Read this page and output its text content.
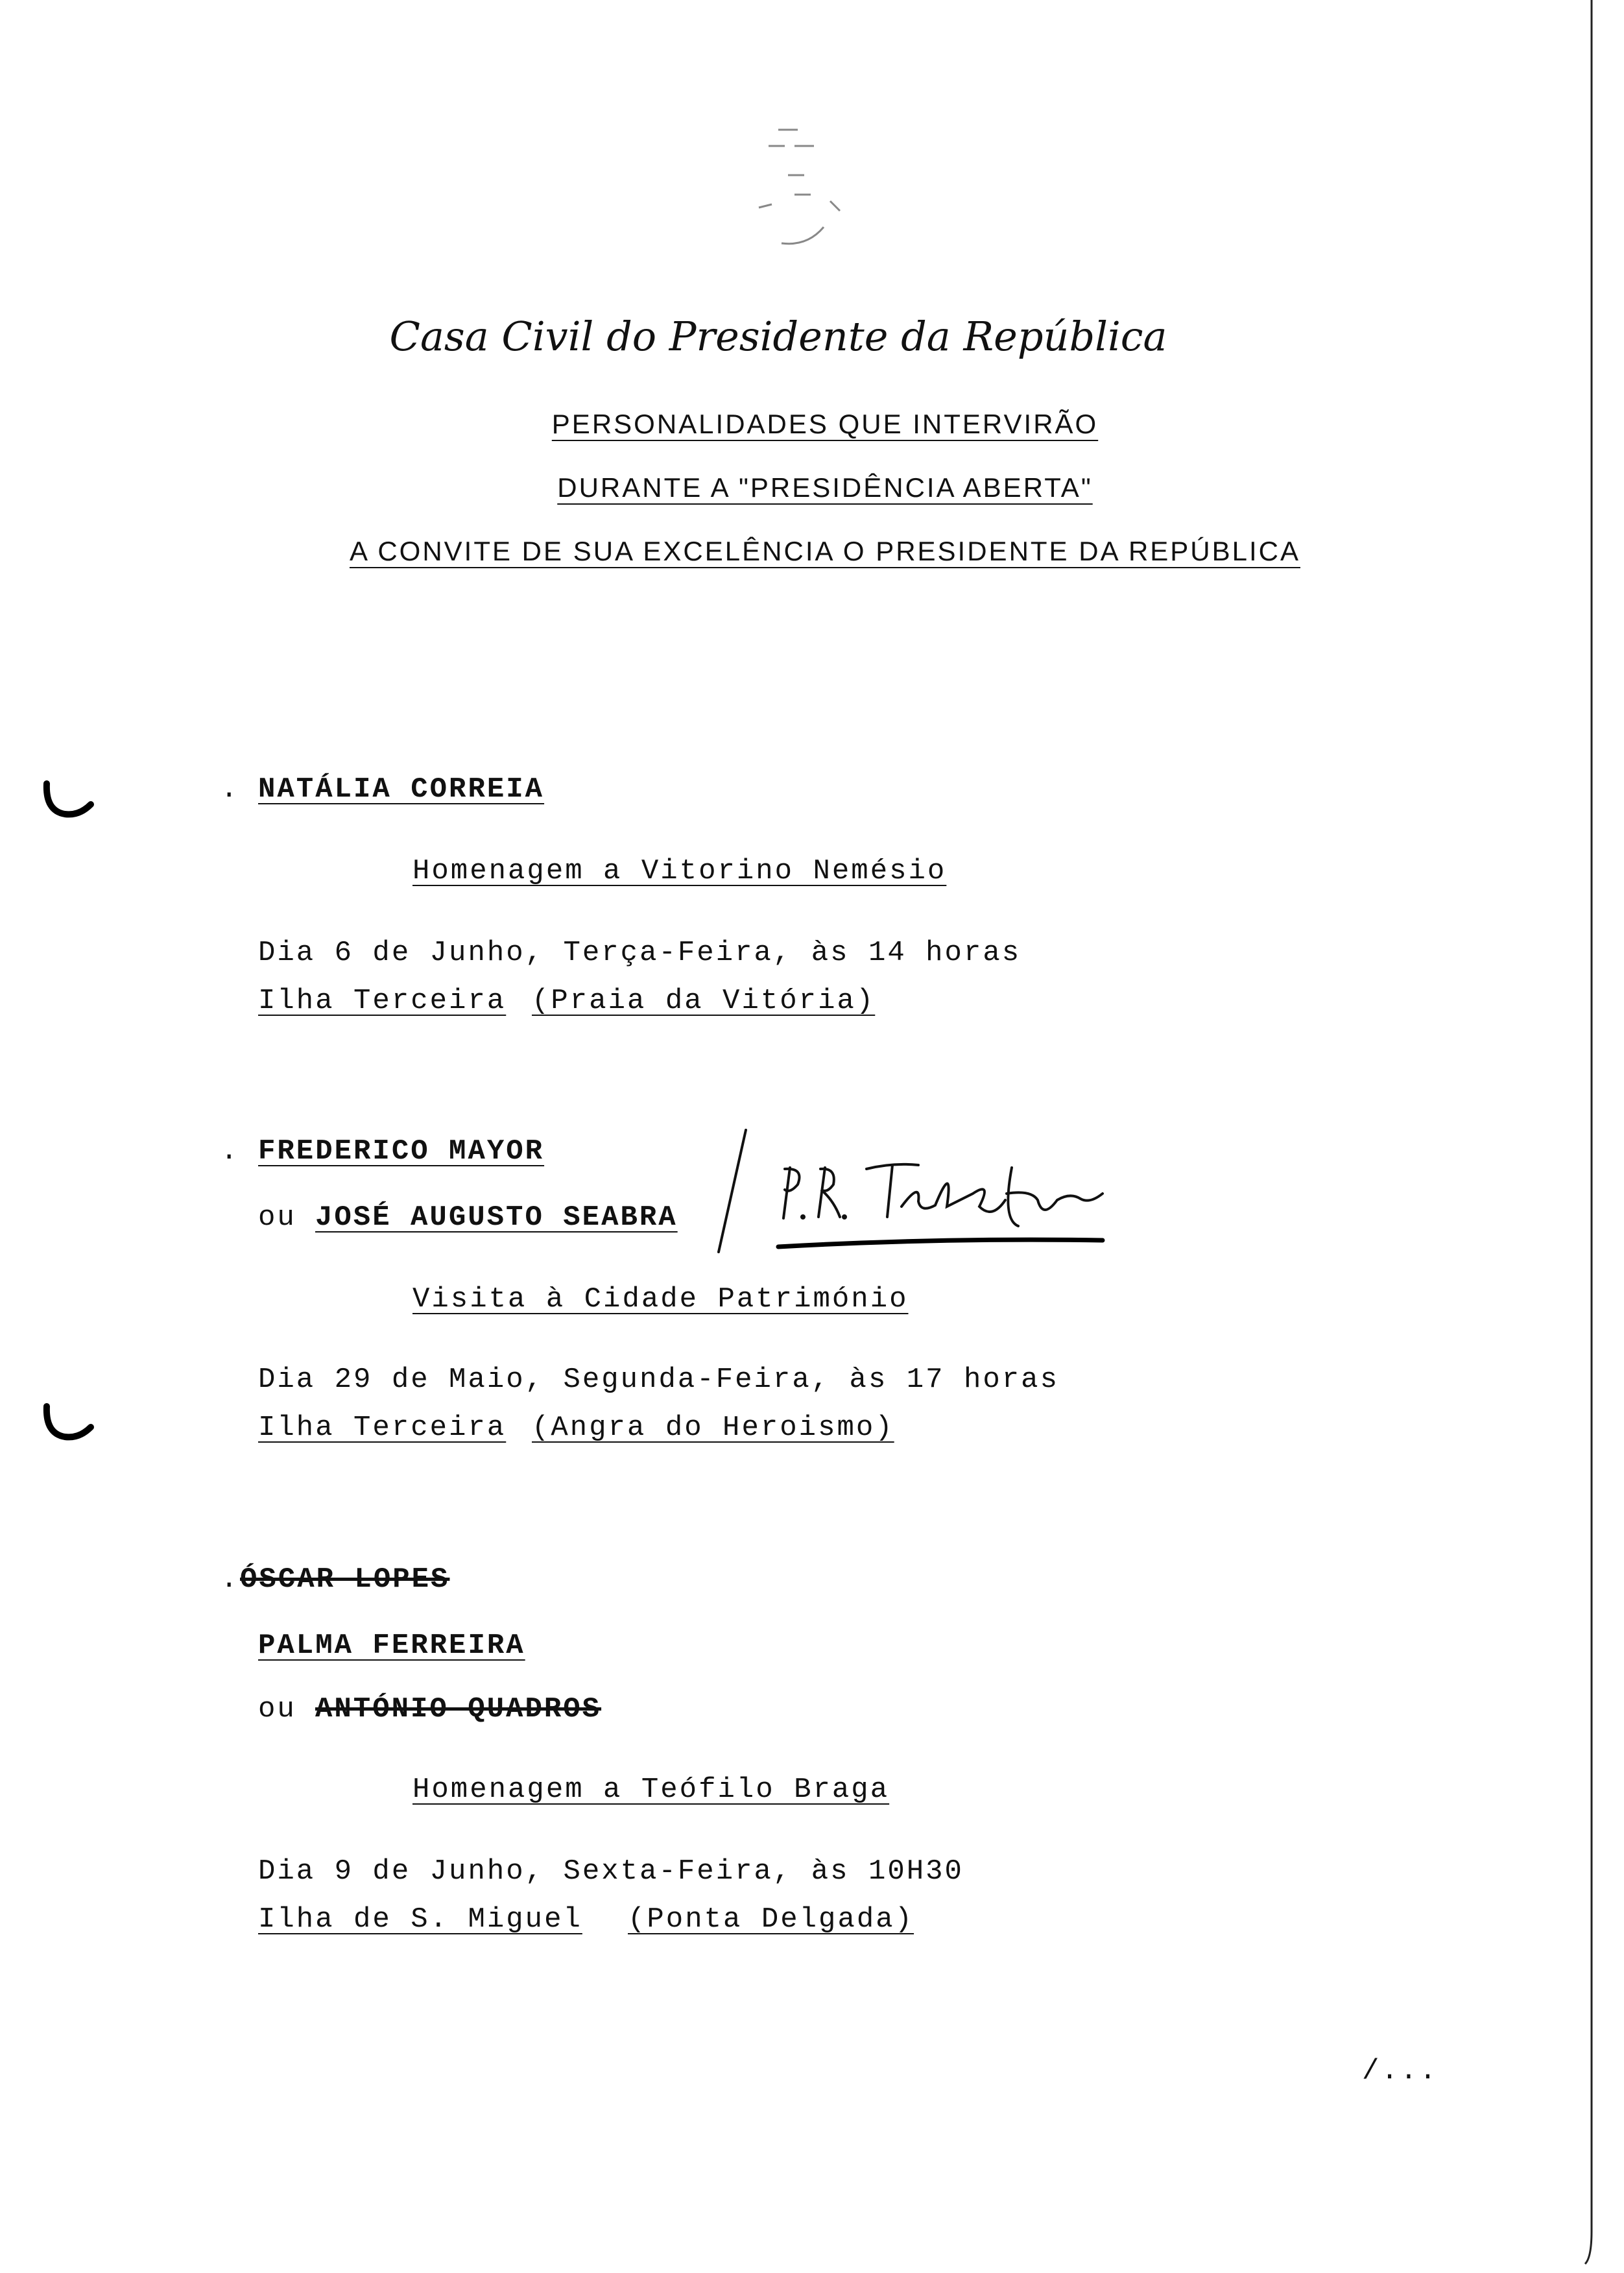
Casa Civil do Presidente da República
PERSONALIDADES QUE INTERVIRÃO
DURANTE A "PRESIDÊNCIA ABERTA"
A CONVITE DE SUA EXCELÊNCIA O PRESIDENTE DA REPÚBLICA
. NATÁLIA CORREIA
Homenagem a Vitorino Nemésio
Dia 6 de Junho, Terça-Feira, às 14 horas
Ilha Terceira (Praia da Vitória)
. FREDERICO MAYOR
ou JOSÉ AUGUSTO SEABRA
Visita à Cidade Património
Dia 29 de Maio, Segunda-Feira, às 17 horas
Ilha Terceira (Angra do Heroismo)
. ÓSCAR LOPES
PALMA FERREIRA
ou ANTÓNIO QUADROS
Homenagem a Teófilo Braga
Dia 9 de Junho, Sexta-Feira, às 10H30
Ilha de S. Miguel (Ponta Delgada)
/...
